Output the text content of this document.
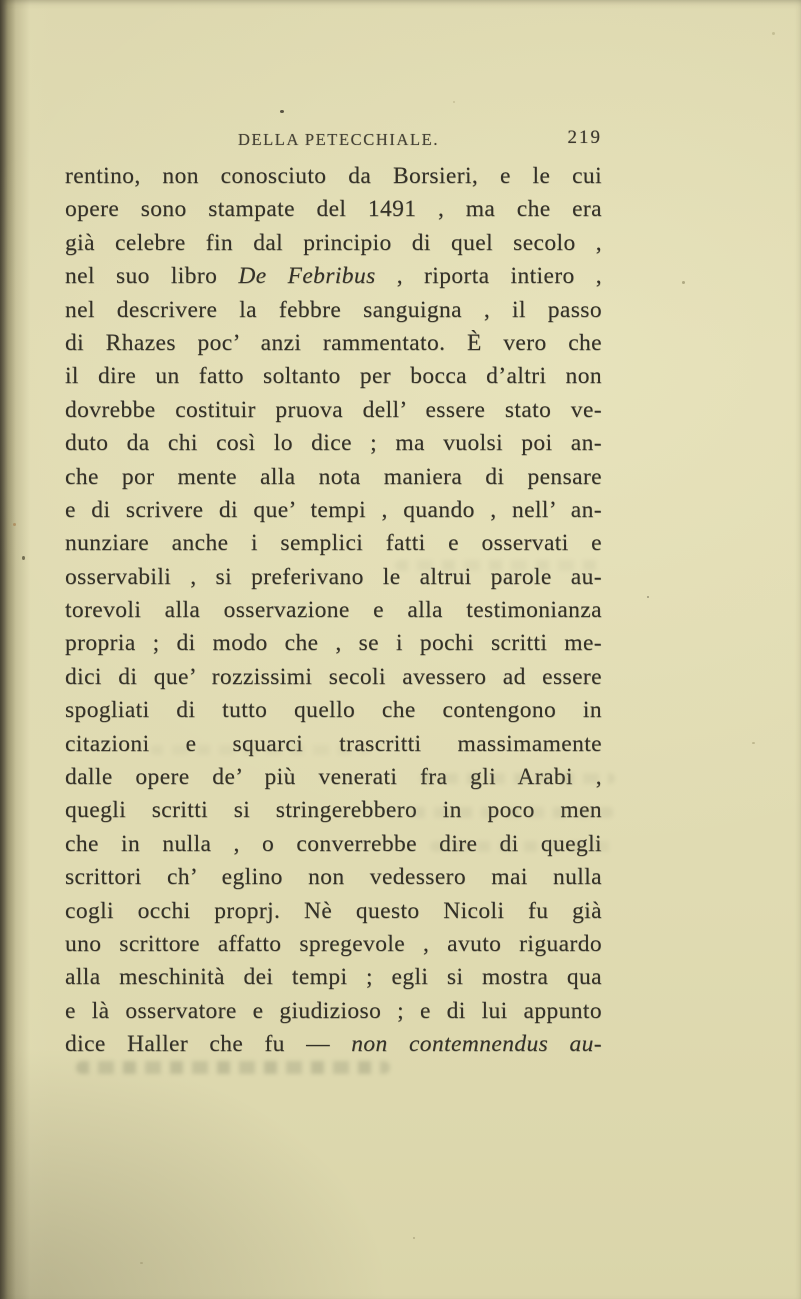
DELLA PETECCHIALE.	219
rentino, non conosciuto da Borsieri, e le cui
opere sono stampate del 1491 , ma che era
già celebre fin dal principio di quel secolo ,
nel suo libro De Febribus , riporta intiero ,
nel descrivere la febbre sanguigna , il passo
di Rhazes poc’ anzi rammentato. È vero che
il dire un fatto soltanto per bocca d’altri non
dovrebbe costituir pruova dell’ essere stato ve-
duto da chi così lo dice ; ma vuolsi poi an-
che por mente alla nota maniera di pensare
e di scrivere di que’ tempi , quando , nell’ an-
nunziare anche i semplici fatti e osservati e
osservabili , si preferivano le altrui parole au-
torevoli alla osservazione e alla testimonianza
propria ; di modo che , se i pochi scritti me-
dici di que’ rozzissimi secoli avessero ad essere
spogliati di tutto quello che contengono in
citazioni e squarci trascritti massimamente
dalle opere de’ più venerati fra gli Arabi ,
quegli scritti si stringerebbero in poco men
che in nulla , o converrebbe dire di quegli
scrittori ch’ eglino non vedessero mai nulla
cogli occhi proprj. Nè questo Nicoli fu già
uno scrittore affatto spregevole , avuto riguardo
alla meschinità dei tempi ; egli si mostra qua
e là osservatore e giudizioso ; e di lui appunto
dice Haller che fu — non contemnendus au-
